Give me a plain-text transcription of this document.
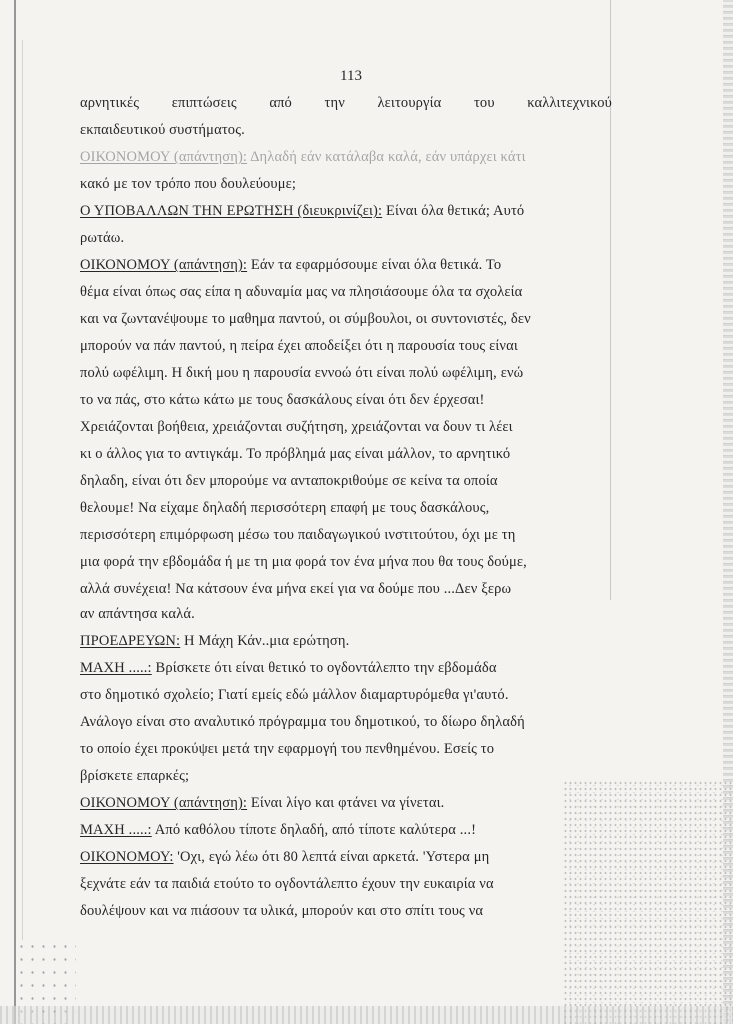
113
αρνητικές επιπτώσεις από την λειτουργία του καλλιτεχνικού
εκπαιδευτικού συστήματος.
ΟΙΚΟΝΟΜΟΥ (απάντηση): Δηλαδή εάν κατάλαβα καλά, εάν υπάρχει κάτι
κακό με τον τρόπο που δουλεύουμε;
Ο ΥΠΟΒΑΛΛΩΝ ΤΗΝ ΕΡΩΤΗΣΗ (διευκρινίζει): Είναι όλα θετικά; Αυτό
ρωτάω.
ΟΙΚΟΝΟΜΟΥ (απάντηση): Εάν τα εφαρμόσουμε είναι όλα θετικά. Το
θέμα είναι όπως σας είπα η αδυναμία μας να πλησιάσουμε όλα τα σχολεία
και να ζωντανέψουμε το μαθημα παντού, οι σύμβουλοι, οι συντονιστές, δεν
μπορούν να πάν παντού, η πείρα έχει αποδείξει ότι η παρουσία τους είναι
πολύ ωφέλιμη. Η δική μου η παρουσία εννοώ ότι είναι πολύ ωφέλιμη, ενώ
το να πάς, στο κάτω κάτω με τους δασκάλους είναι ότι δεν έρχεσαι!
Χρειάζονται βοήθεια, χρειάζονται συζήτηση, χρειάζονται να δουν τι λέει
κι ο άλλος για το αντιγκάμ. Το πρόβλημά μας είναι μάλλον, το αρνητικό
δηλαδη, είναι ότι δεν μπορούμε να ανταποκριθούμε σε κείνα τα οποία
θελουμε! Να είχαμε δηλαδή περισσότερη επαφή με τους δασκάλους,
περισσότερη επιμόρφωση μέσω του παιδαγωγικού ινστιτούτου, όχι με τη
μια φορά την εβδομάδα ή με τη μια φορά τον ένα μήνα που θα τους δούμε,
αλλά συνέχεια! Να κάτσουν ένα μήνα εκεί για να δούμε που ...Δεν ξερω
αν απάντησα καλά.
ΠΡΟΕΔΡΕΥΩΝ: Η Μάχη Κάν..μια ερώτηση.
ΜΑΧΗ .....: Βρίσκετε ότι είναι θετικό το ογδοντάλεπτο την εβδομάδα
στο δημοτικό σχολείο; Γιατί εμείς εδώ μάλλον διαμαρτυρόμεθα γι'αυτό.
Ανάλογο είναι στο αναλυτικό πρόγραμμα του δημοτικού, το δίωρο δηλαδή
το οποίο έχει προκύψει μετά την εφαρμογή του πενθημένου. Εσείς το
βρίσκετε επαρκές;
ΟΙΚΟΝΟΜΟΥ (απάντηση): Είναι λίγο και φτάνει να γίνεται.
ΜΑΧΗ .....: Από καθόλου τίποτε δηλαδή, από τίποτε καλύτερα ...!
ΟΙΚΟΝΟΜΟΥ: 'Οχι, εγώ λέω ότι 80 λεπτά είναι αρκετά. 'Υστερα μη
ξεχνάτε εάν τα παιδιά ετούτο το ογδοντάλεπτο έχουν την ευκαιρία να
δουλέψουν και να πιάσουν τα υλικά, μπορούν και στο σπίτι τους να
